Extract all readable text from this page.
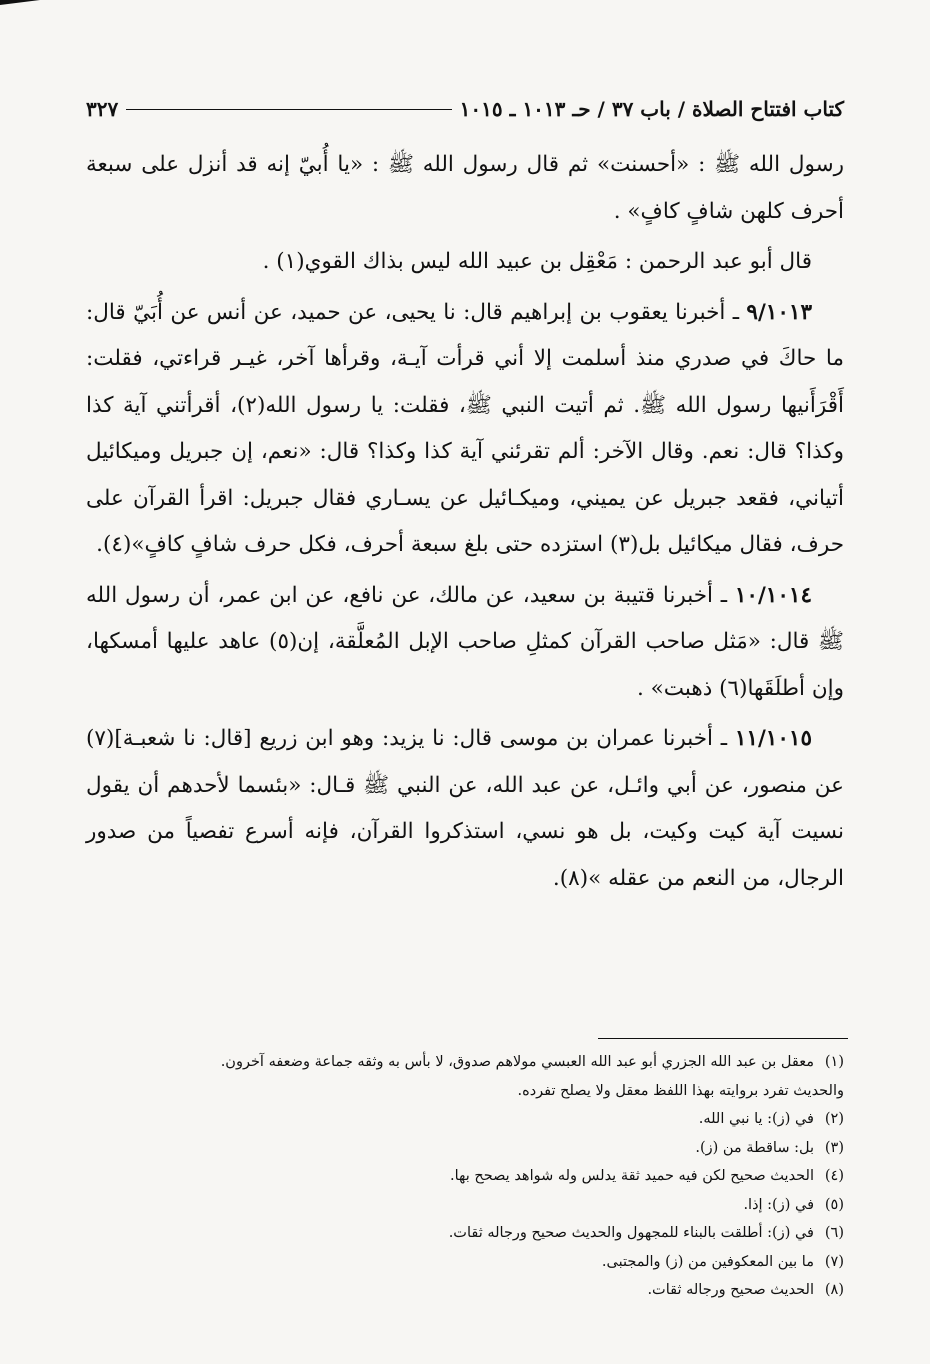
كتاب افتتاح الصلاة / باب ٣٧ / حـ ١٠١٣ ـ ١٠١٥
٣٢٧

رسول الله ﷺ : «أحسنت» ثم قال رسول الله ﷺ : «يا أُبيّ إنه قد أنزل على سبعة أحرف كلهن شافٍ كافٍ» .

قال أبو عبد الرحمن : مَعْقِل بن عبيد الله ليس بذاك القوي(١) .

٩/١٠١٣ ـ أخبرنا يعقوب بن إبراهيم قال: نا يحيى، عن حميد، عن أنس عن أُبَيّ قال: ما حاكَ في صدري منذ أسلمت إلا أني قرأت آيـة، وقرأها آخر، غيـر قراءتي، فقلت: أَقْرَأَنيها رسول الله ﷺ. ثم أتيت النبي ﷺ، فقلت: يا رسول الله(٢)، أقرأتني آية كذا وكذا؟ قال: نعم. وقال الآخر: ألم تقرئني آية كذا وكذا؟ قال: «نعم، إن جبريل وميكائيل أتياني، فقعد جبريل عن يميني، وميكـائيل عن يسـاري فقال جبريل: اقرأ القرآن على حرف، فقال ميكائيل بل(٣) استزده حتى بلغ سبعة أحرف، فكل حرف شافٍ كافٍ»(٤).

١٠/١٠١٤ ـ أخبرنا قتيبة بن سعيد، عن مالك، عن نافع، عن ابن عمر، أن رسول الله ﷺ قال: «مَثل صاحب القرآن كمثلِ صاحب الإبل المُعلَّقة، إن(٥) عاهد عليها أمسكها، وإن أطلَقَها(٦) ذهبت» .

١١/١٠١٥ ـ أخبرنا عمران بن موسى قال: نا يزيد: وهو ابن زريع [قال: نا شعبـة](٧) عن منصور، عن أبي وائـل، عن عبد الله، عن النبي ﷺ قـال: «بئسما لأحدهم أن يقول نسيت آية كيت وكيت، بل هو نسي، استذكروا القرآن، فإنه أسرع تفصياً من صدور الرجال، من النعم من عقله »(٨).

(١)
معقل بن عبد الله الجزري أبو عبد الله العبسي مولاهم صدوق، لا بأس به وثقه جماعة وضعفه آخرون.
والحديث تفرد بروايته بهذا اللفظ معقل ولا يصلح تفرده.
(٢)
في (ز): يا نبي الله.
(٣)
بل: ساقطة من (ز).
(٤)
الحديث صحيح لكن فيه حميد ثقة يدلس وله شواهد يصحح بها.
(٥)
في (ز): إذا.
(٦)
في (ز): أطلقت بالبناء للمجهول والحديث صحيح ورجاله ثقات.
(٧)
ما بين المعكوفين من (ز) والمجتبى.
(٨)
الحديث صحيح ورجاله ثقات.
